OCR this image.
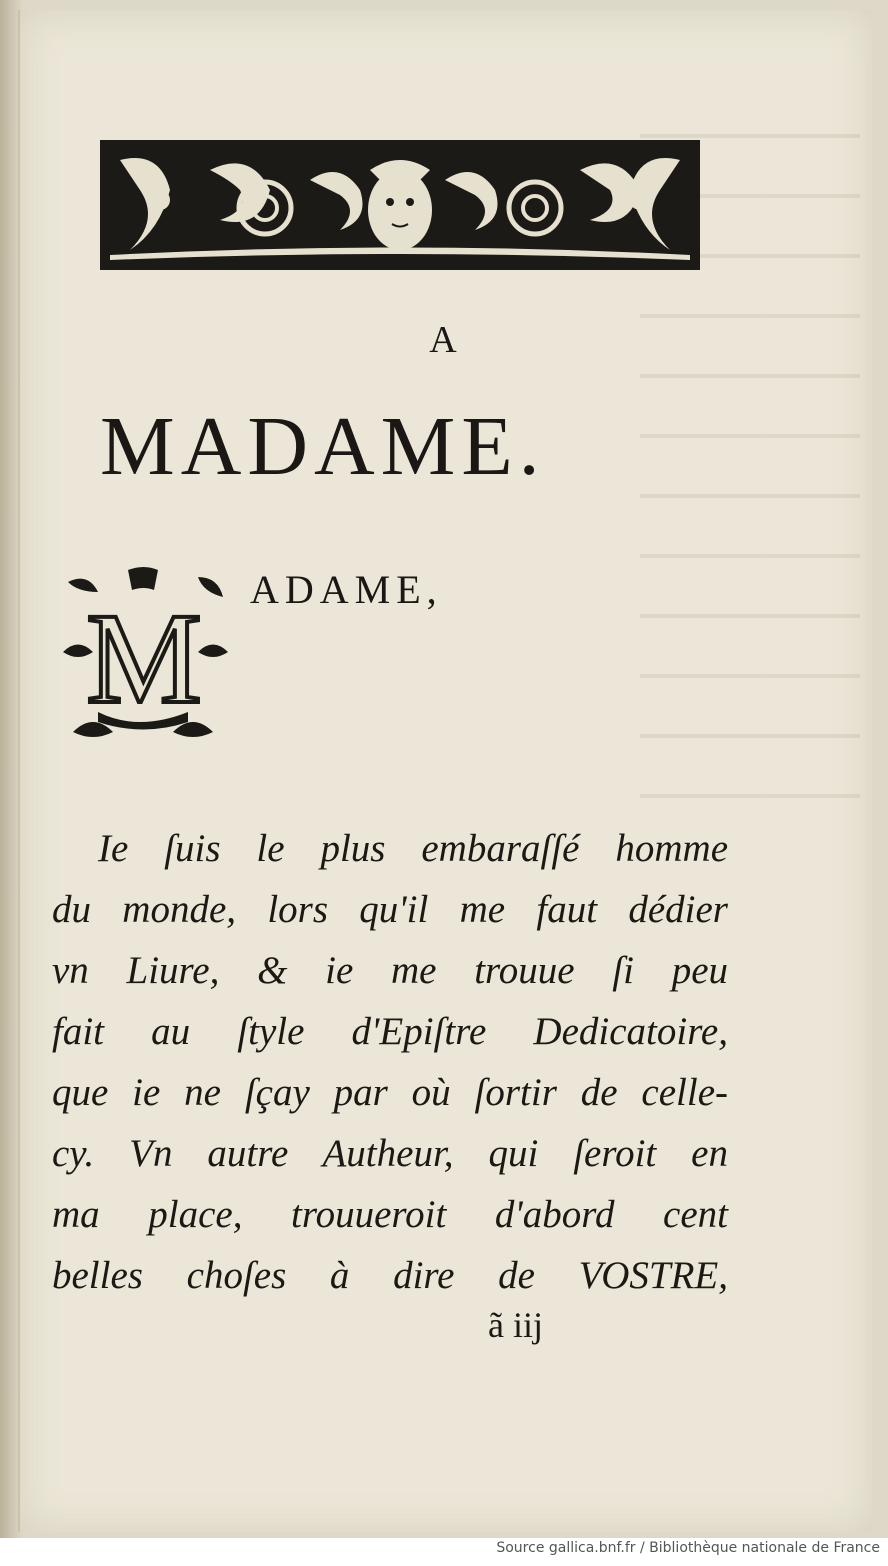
A
MADAME.
M ADAME,
Ie ſuis le plus embaraſſé homme
du monde, lors qu'il me faut dédier
vn Liure, & ie me trouue ſi peu
fait au ſtyle d'Epiſtre Dedicatoire,
que ie ne ſçay par où ſortir de celle-
cy. Vn autre Autheur, qui ſeroit en
ma place, trouueroit d'abord cent
belles choſes à dire de VOSTRE,
ã iij
Source gallica.bnf.fr / Bibliothèque nationale de France
